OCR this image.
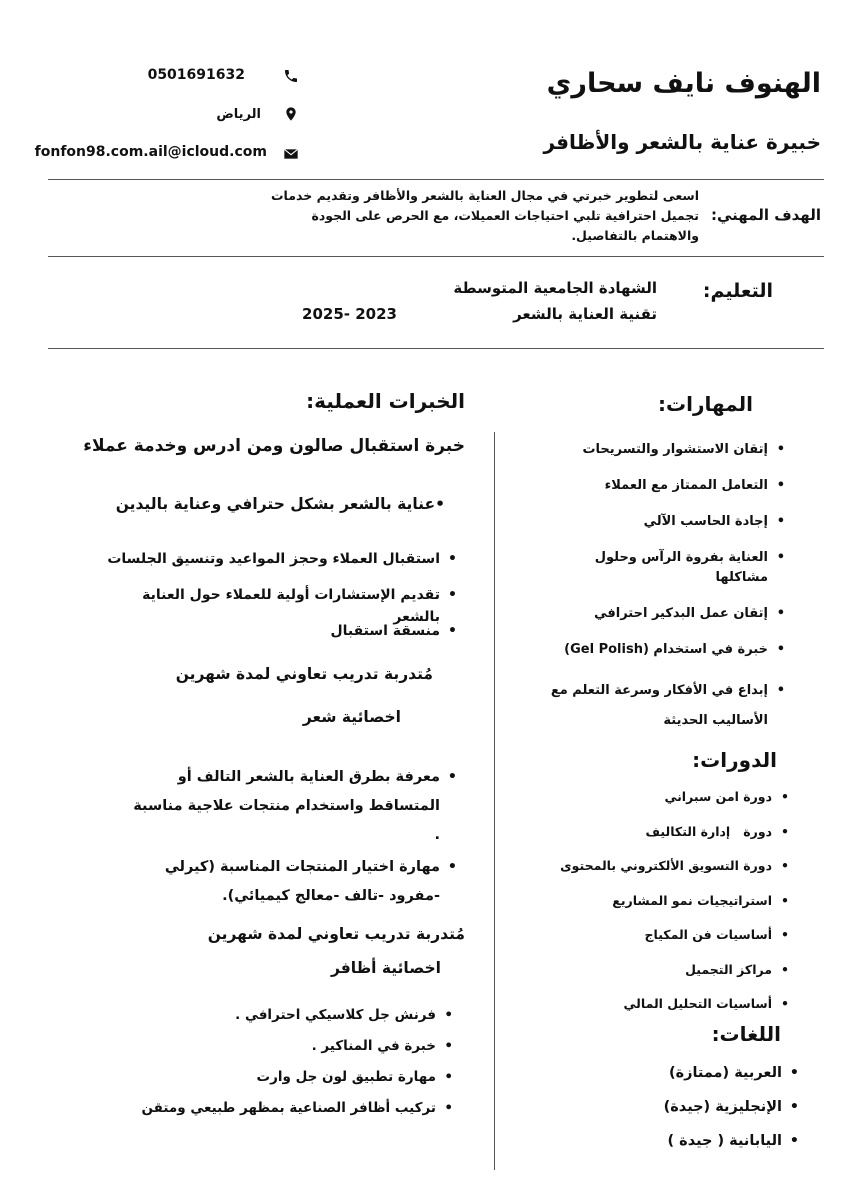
الهنوف نايف سحاري
خبيرة عناية بالشعر والأظافر
0501691632
الرياض
fonfon98.com.ail@icloud.com
الهدف المهني:
اسعى لتطوير خبرتي في مجال العناية بالشعر والأظافر وتقديم خدمات تجميل احترافية تلبي احتياجات العميلات، مع الحرص على الجودة والاهتمام بالتفاصيل.
التعليم:
الشهادة الجامعية المتوسطة
تقنية العناية بالشعر
2025- 2023
المهارات:
• إتقان الاستشوار والتسريحات
• التعامل الممتاز مع العملاء
• إجادة الحاسب الآلي
• العناية بفروة الرآس وحلول مشاكلها
• إتقان عمل البدكير احترافي
• خبرة في استخدام (Gel Polish)
• إبداع في الأفكار وسرعة التعلم مع الأساليب الحديثة
الدورات:
• دورة امن سبراني
• دورة   إدارة التكاليف
• دورة التسويق الألكتروني بالمحتوى
• استراتيجيات نمو المشاريع
• أساسيات فن المكياج
• مراكز التجميل
• أساسيات التحليل المالي
اللغات:
• العربية (ممتازة)
• الإنجليزية (جيدة)
• اليابانية ( جيدة )
الخبرات العملية:
خبرة استقبال صالون ومن ادرس وخدمة عملاء
•عناية بالشعر بشكل حترافي وعناية باليدين
• استقبال العملاء وحجز المواعيد وتنسيق الجلسات
• تقديم الإستشارات أولية للعملاء حول العناية بالشعر
• منسقة استقبال
مُتدربة تدريب تعاوني لمدة شهرين
اخصائية شعر
• معرفة بطرق العناية بالشعر التالف أو المتساقط واستخدام منتجات علاجية مناسبة .
• مهارة اختيار المنتجات المناسبة (كيرلي -مفرود -تالف -معالج كيميائي).
مُتدربة تدريب تعاوني لمدة شهرين
اخصائية أظافر
• فرنش جل كلاسيكي احترافي .
• خبرة في المناكير .
• مهارة تطبيق لون جل وارت
• تركيب أظافر الصناعية بمظهر طبيعي ومتقن
